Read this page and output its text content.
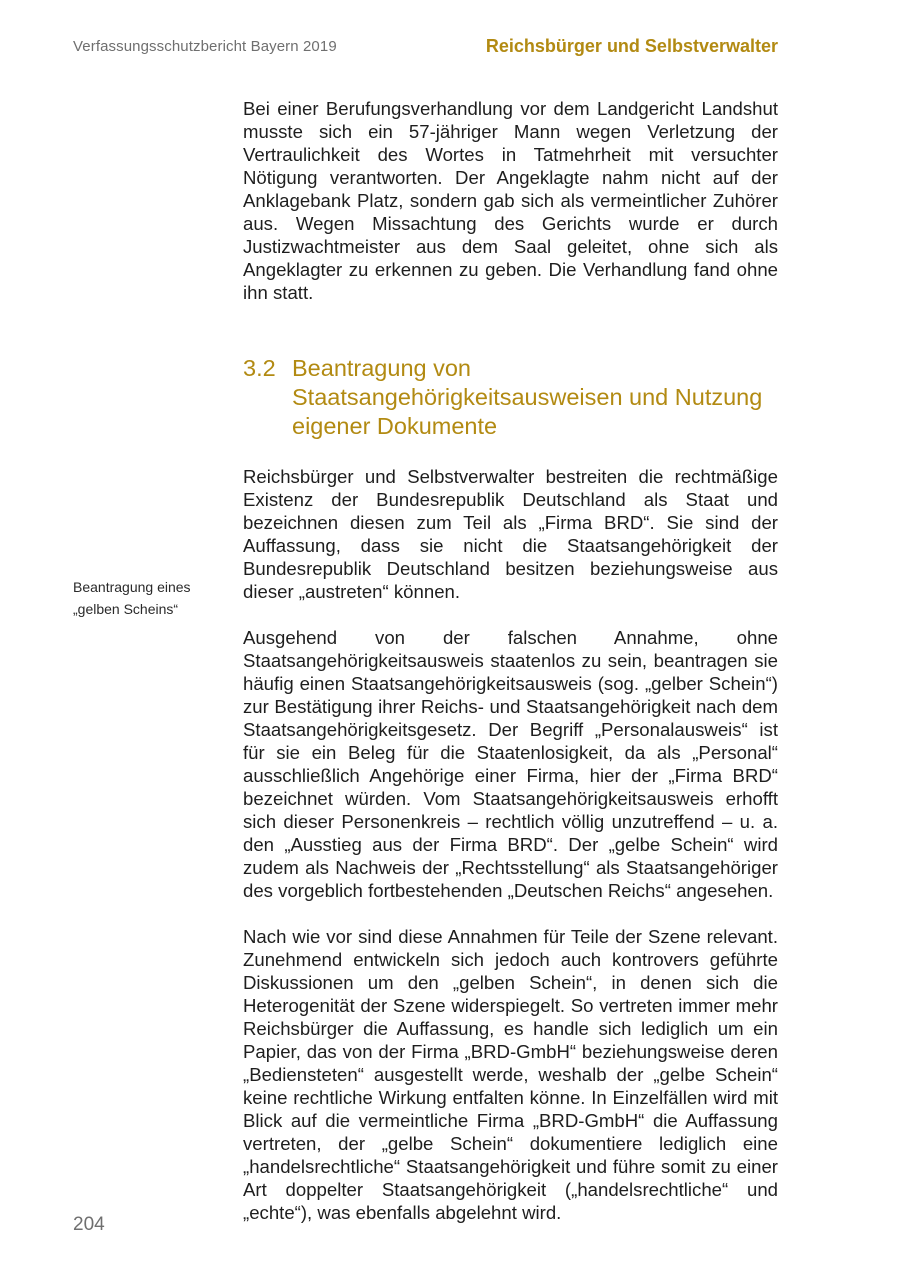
Verfassungsschutzbericht Bayern 2019	Reichsbürger und Selbstverwalter

Bei einer Berufungsverhandlung vor dem Landgericht Landshut musste sich ein 57-jähriger Mann wegen Verletzung der Vertraulichkeit des Wortes in Tatmehrheit mit versuchter Nötigung verantworten. Der Angeklagte nahm nicht auf der Anklagebank Platz, sondern gab sich als vermeintlicher Zuhörer aus. Wegen Missachtung des Gerichts wurde er durch Justizwachtmeister aus dem Saal geleitet, ohne sich als Angeklagter zu erkennen zu geben. Die Verhandlung fand ohne ihn statt.

3.2 Beantragung von Staatsangehörigkeitsausweisen und Nutzung eigener Dokumente

Reichsbürger und Selbstverwalter bestreiten die rechtmäßige Existenz der Bundesrepublik Deutschland als Staat und bezeichnen diesen zum Teil als „Firma BRD“. Sie sind der Auffassung, dass sie nicht die Staatsangehörigkeit der Bundesrepublik Deutschland besitzen beziehungsweise aus dieser „austreten“ können.

Ausgehend von der falschen Annahme, ohne Staatsangehörigkeitsausweis staatenlos zu sein, beantragen sie häufig einen Staatsangehörigkeitsausweis (sog. „gelber Schein“) zur Bestätigung ihrer Reichs- und Staatsangehörigkeit nach dem Staatsangehörigkeitsgesetz. Der Begriff „Personalausweis“ ist für sie ein Beleg für die Staatenlosigkeit, da als „Personal“ ausschließlich Angehörige einer Firma, hier der „Firma BRD“ bezeichnet würden. Vom Staatsangehörigkeitsausweis erhofft sich dieser Personenkreis – rechtlich völlig unzutreffend – u. a. den „Ausstieg aus der Firma BRD“. Der „gelbe Schein“ wird zudem als Nachweis der „Rechtsstellung“ als Staatsangehöriger des vorgeblich fortbestehenden „Deutschen Reichs“ angesehen.

Nach wie vor sind diese Annahmen für Teile der Szene relevant. Zunehmend entwickeln sich jedoch auch kontrovers geführte Diskussionen um den „gelben Schein“, in denen sich die Heterogenität der Szene widerspiegelt. So vertreten immer mehr Reichsbürger die Auffassung, es handle sich lediglich um ein Papier, das von der Firma „BRD-GmbH“ beziehungsweise deren „Bediensteten“ ausgestellt werde, weshalb der „gelbe Schein“ keine rechtliche Wirkung entfalten könne. In Einzelfällen wird mit Blick auf die vermeintliche Firma „BRD-GmbH“ die Auffassung vertreten, der „gelbe Schein“ dokumentiere lediglich eine „handelsrechtliche“ Staatsangehörigkeit und führe somit zu einer Art doppelter Staatsangehörigkeit („handelsrechtliche“ und „echte“), was ebenfalls abgelehnt wird.

Beantragung eines
„gelben Scheins“
204
